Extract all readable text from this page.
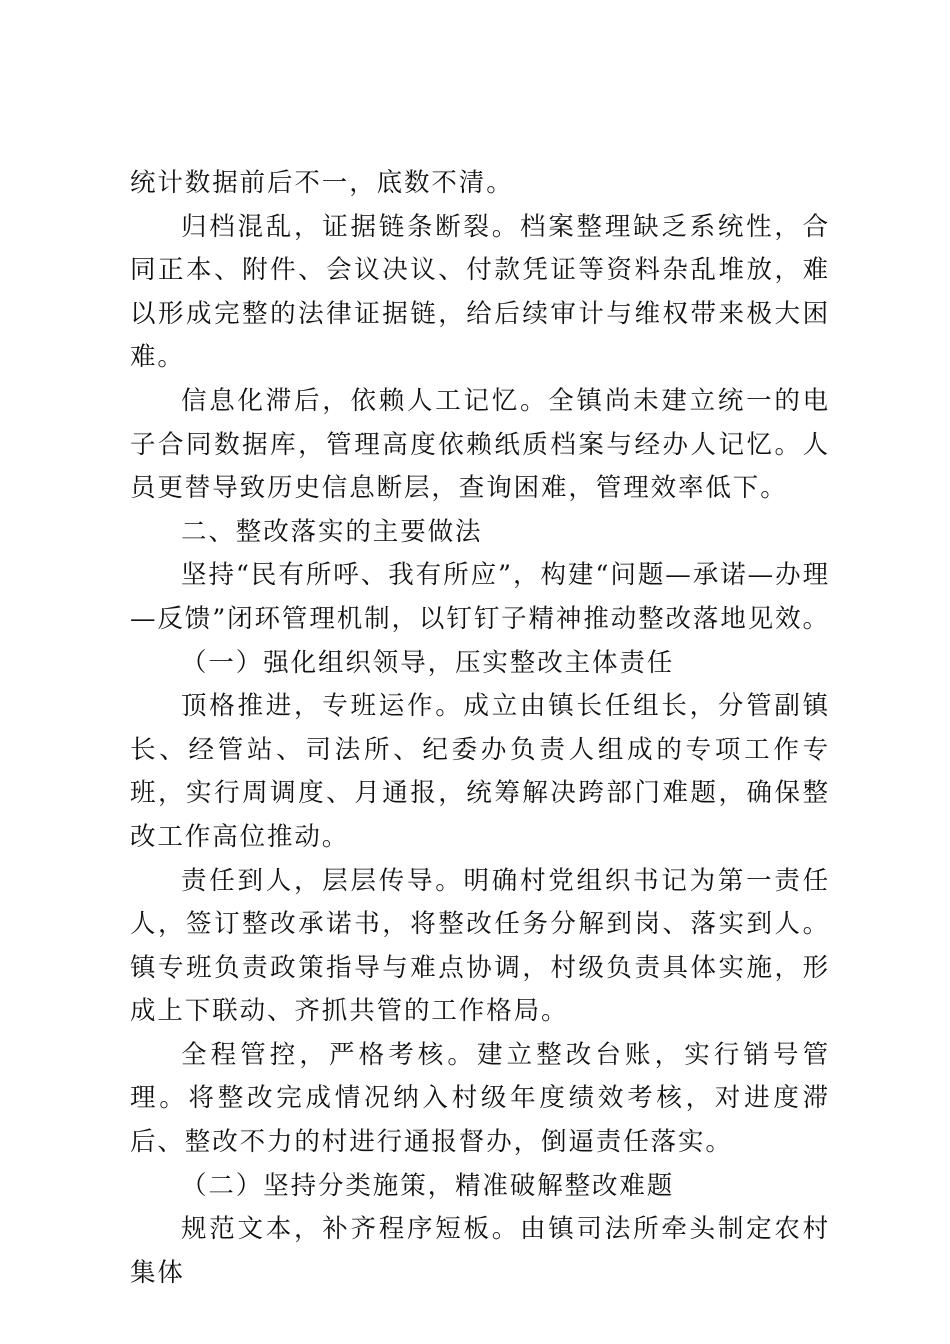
统计数据前后不一，底数不清。

归档混乱，证据链条断裂。档案整理缺乏系统性，合同正本、附件、会议决议、付款凭证等资料杂乱堆放，难以形成完整的法律证据链，给后续审计与维权带来极大困难。

信息化滞后，依赖人工记忆。全镇尚未建立统一的电子合同数据库，管理高度依赖纸质档案与经办人记忆。人员更替导致历史信息断层，查询困难，管理效率低下。

二、整改落实的主要做法

坚持“民有所呼、我有所应”，构建“问题—承诺—办理—反馈”闭环管理机制，以钉钉子精神推动整改落地见效。

（一）强化组织领导，压实整改主体责任

顶格推进，专班运作。成立由镇长任组长，分管副镇长、经管站、司法所、纪委办负责人组成的专项工作专班，实行周调度、月通报，统筹解决跨部门难题，确保整改工作高位推动。

责任到人，层层传导。明确村党组织书记为第一责任人，签订整改承诺书，将整改任务分解到岗、落实到人。镇专班负责政策指导与难点协调，村级负责具体实施，形成上下联动、齐抓共管的工作格局。

全程管控，严格考核。建立整改台账，实行销号管理。将整改完成情况纳入村级年度绩效考核，对进度滞后、整改不力的村进行通报督办，倒逼责任落实。

（二）坚持分类施策，精准破解整改难题

规范文本，补齐程序短板。由镇司法所牵头制定农村集体
